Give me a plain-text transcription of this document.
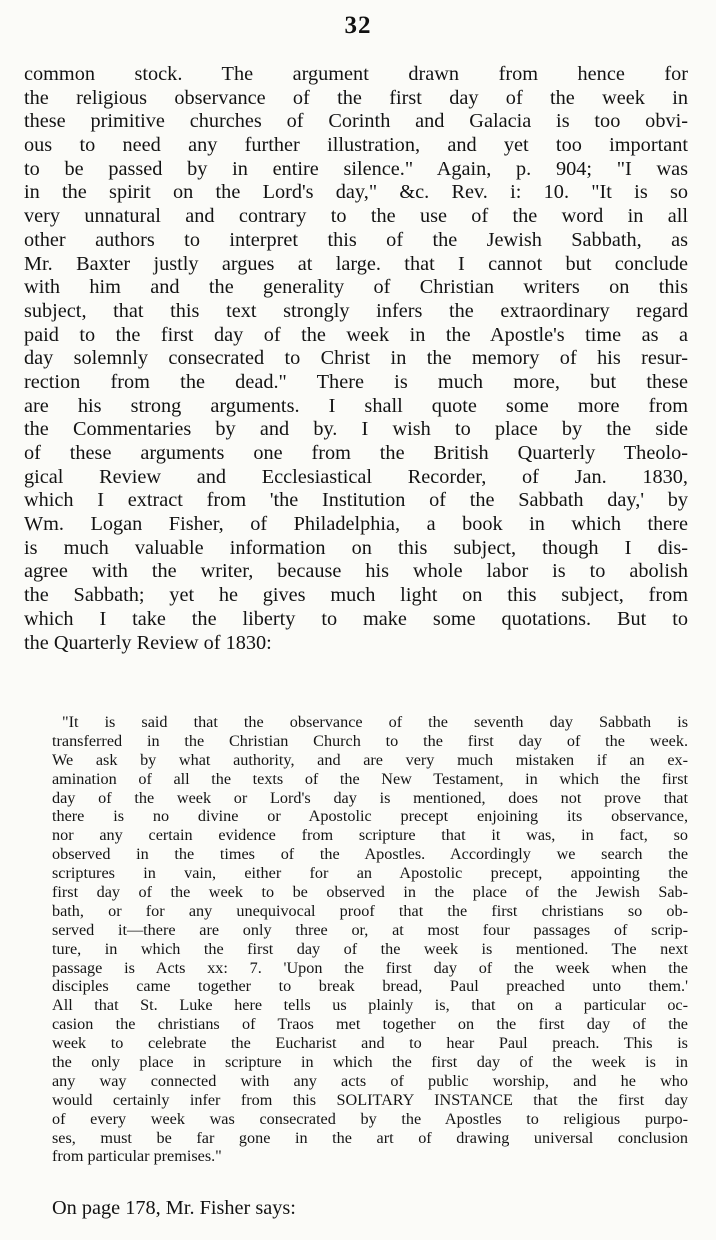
32
common stock. The argument drawn from hence for
the religious observance of the first day of the week in
these primitive churches of Corinth and Galacia is too obvi-
ous to need any further illustration, and yet too important
to be passed by in entire silence." Again, p. 904; "I was
in the spirit on the Lord's day," &c. Rev. i: 10. "It is so
very unnatural and contrary to the use of the word in all
other authors to interpret this of the Jewish Sabbath, as
Mr. Baxter justly argues at large. that I cannot but conclude
with him and the generality of Christian writers on this
subject, that this text strongly infers the extraordinary regard
paid to the first day of the week in the Apostle's time as a
day solemnly consecrated to Christ in the memory of his resur-
rection from the dead." There is much more, but these
are his strong arguments. I shall quote some more from
the Commentaries by and by. I wish to place by the side
of these arguments one from the British Quarterly Theolo-
gical Review and Ecclesiastical Recorder, of Jan. 1830,
which I extract from 'the Institution of the Sabbath day,' by
Wm. Logan Fisher, of Philadelphia, a book in which there
is much valuable information on this subject, though I dis-
agree with the writer, because his whole labor is to abolish
the Sabbath; yet he gives much light on this subject, from
which I take the liberty to make some quotations. But to
the Quarterly Review of 1830:
"It is said that the observance of the seventh day Sabbath is
transferred in the Christian Church to the first day of the week.
We ask by what authority, and are very much mistaken if an ex-
amination of all the texts of the New Testament, in which the first
day of the week or Lord's day is mentioned, does not prove that
there is no divine or Apostolic precept enjoining its observance,
nor any certain evidence from scripture that it was, in fact, so
observed in the times of the Apostles. Accordingly we search the
scriptures in vain, either for an Apostolic precept, appointing the
first day of the week to be observed in the place of the Jewish Sab-
bath, or for any unequivocal proof that the first christians so ob-
served it—there are only three or, at most four passages of scrip-
ture, in which the first day of the week is mentioned. The next
passage is Acts xx: 7. 'Upon the first day of the week when the
disciples came together to break bread, Paul preached unto them.'
All that St. Luke here tells us plainly is, that on a particular oc-
casion the christians of Traos met together on the first day of the
week to celebrate the Eucharist and to hear Paul preach. This is
the only place in scripture in which the first day of the week is in
any way connected with any acts of public worship, and he who
would certainly infer from this SOLITARY INSTANCE that the first day
of every week was consecrated by the Apostles to religious purpo-
ses, must be far gone in the art of drawing universal conclusion
from particular premises."
On page 178, Mr. Fisher says:
